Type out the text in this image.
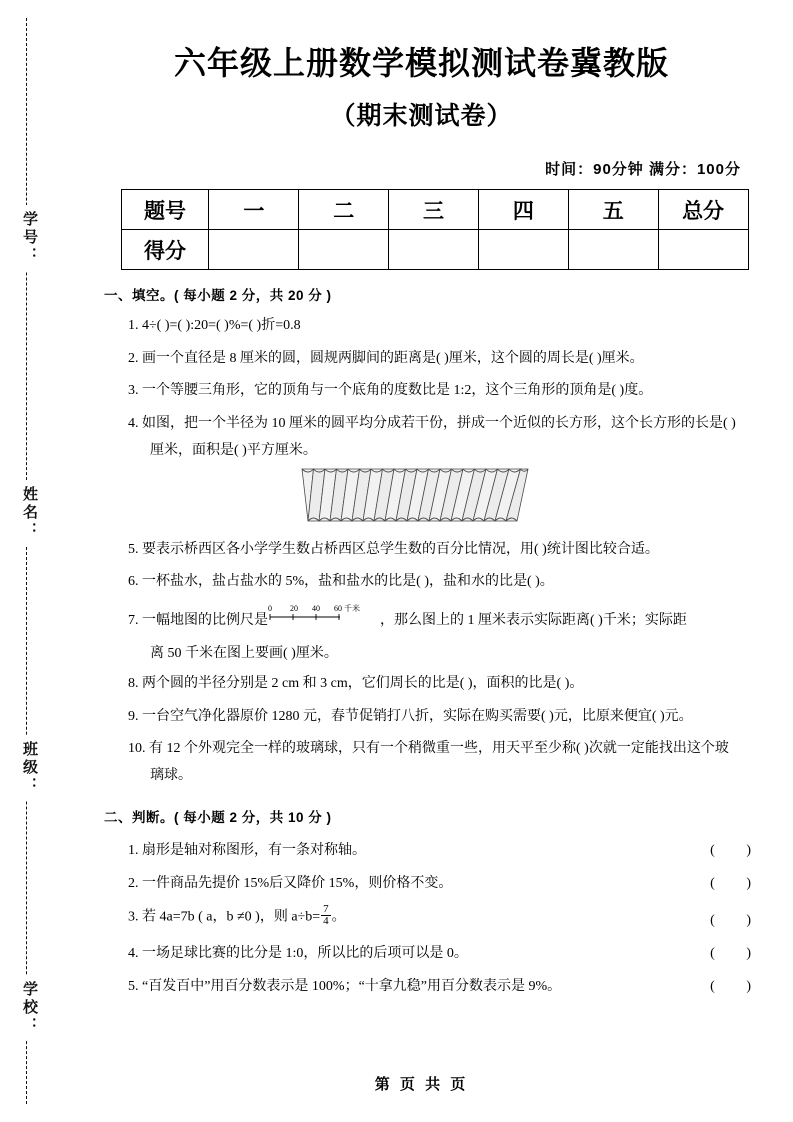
学号：
姓名：
班级：
学校：
六年级上册数学模拟测试卷冀教版
（期末测试卷）
时间：90分钟 满分：100分
题号	一	二	三	四	五	总分
得分						
一、填空。( 每小题 2 分，共 20 分 )
1. 4÷( )=( ):20=( )%=( )折=0.8
2. 画一个直径是 8 厘米的圆，圆规两脚间的距离是( )厘米，这个圆的周长是( )厘米。
3. 一个等腰三角形，它的顶角与一个底角的度数比是 1:2，这个三角形的顶角是( )度。
4. 如图，把一个半径为 10 厘米的圆平均分成若干份，拼成一个近似的长方形，这个长方形的长是( )
厘米，面积是( )平方厘米。
5. 要表示桥西区各小学学生数占桥西区总学生数的百分比情况，用( )统计图比较合适。
6. 一杯盐水，盐占盐水的 5%，盐和盐水的比是( )，盐和水的比是( )。
7. 一幅地图的比例尺是
0 20 40 60 千米
，那么图上的 1 厘米表示实际距离( )千米；实际距
离 50 千米在图上要画( )厘米。
8. 两个圆的半径分别是 2 cm 和 3 cm，它们周长的比是( )，面积的比是( )。
9. 一台空气净化器原价 1280 元，春节促销打八折，实际在购买需要( )元，比原来便宜( )元。
10. 有 12 个外观完全一样的玻璃球，只有一个稍微重一些，用天平至少称( )次就一定能找出这个玻
璃球。
二、判断。( 每小题 2 分，共 10 分 )
1. 扇形是轴对称图形，有一条对称轴。	( )
2. 一件商品先提价 15%后又降价 15%，则价格不变。	( )
3. 若 4a=7b ( a，b ≠0 )，则 $a\div b= \frac{7}{4}$ 。	( )
4. 一场足球比赛的比分是 1:0，所以比的后项可以是 0。	( )
5. “百发百中”用百分数表示是 100%；“十拿九稳”用百分数表示是 9%。	( )
第 页 共 页
